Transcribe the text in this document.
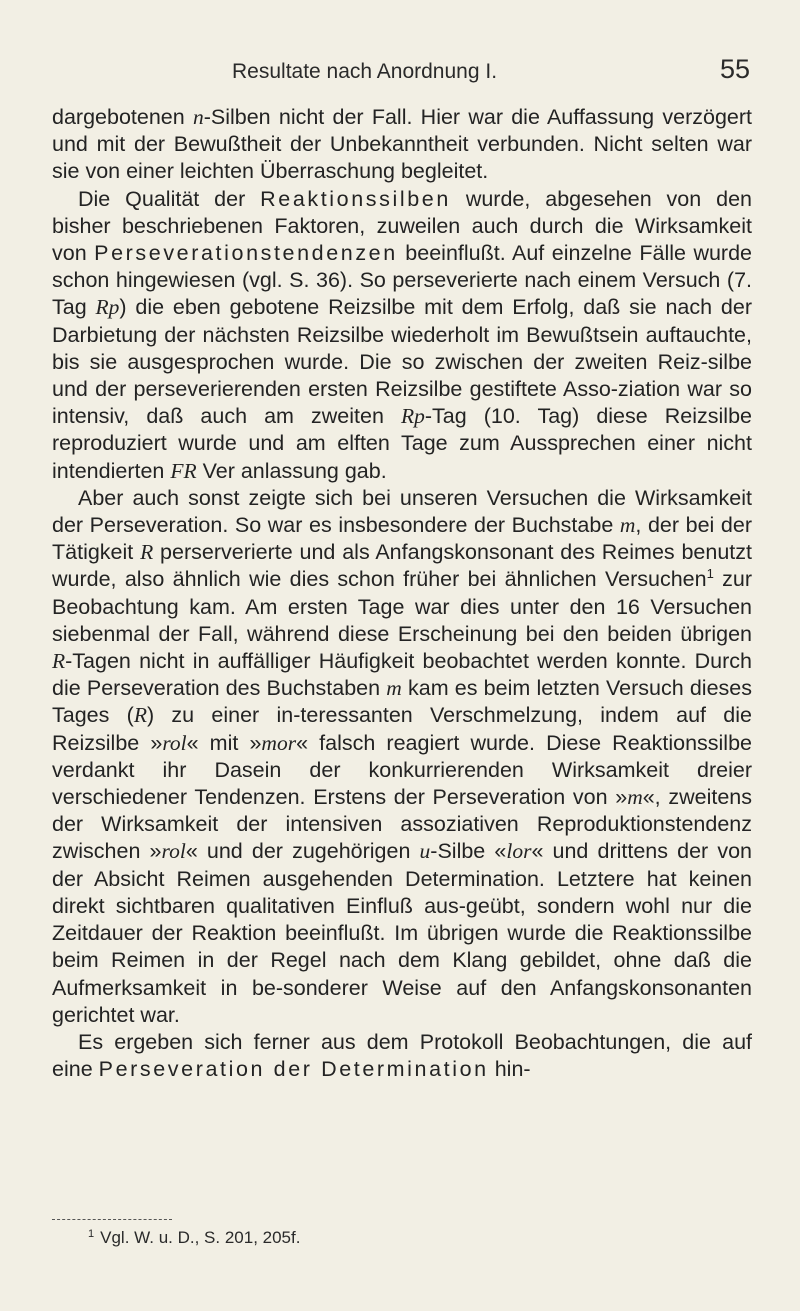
Resultate nach Anordnung I.	55

dargebotenen n-Silben nicht der Fall. Hier war die Auffassung verzögert und mit der Bewußtheit der Unbekanntheit verbunden. Nicht selten war sie von einer leichten Überraschung begleitet.

Die Qualität der Reaktionssilben wurde, abgesehen von den bisher beschriebenen Faktoren, zuweilen auch durch die Wirksamkeit von Perseverationstendenzen beeinflußt. Auf einzelne Fälle wurde schon hingewiesen (vgl. S. 36). So perseverierte nach einem Versuch (7. Tag Rp) die eben gebotene Reizsilbe mit dem Erfolg, daß sie nach der Darbietung der nächsten Reizsilbe wiederholt im Bewußtsein auftauchte, bis sie ausgesprochen wurde. Die so zwischen der zweiten Reiz-silbe und der perseverierenden ersten Reizsilbe gestiftete Asso-ziation war so intensiv, daß auch am zweiten Rp-Tag (10. Tag) diese Reizsilbe reproduziert wurde und am elften Tage zum Aussprechen einer nicht intendierten FR Ver anlassung gab.

Aber auch sonst zeigte sich bei unseren Versuchen die Wirksamkeit der Perseveration. So war es insbesondere der Buchstabe m, der bei der Tätigkeit R perserverierte und als Anfangskonsonant des Reimes benutzt wurde, also ähnlich wie dies schon früher bei ähnlichen Versuchen$^1$ zur Beobachtung kam. Am ersten Tage war dies unter den 16 Versuchen siebenmal der Fall, während diese Erscheinung bei den beiden übrigen R-Tagen nicht in auffälliger Häufigkeit beobachtet werden konnte. Durch die Perseveration des Buchstaben m kam es beim letzten Versuch dieses Tages (R) zu einer in-teressanten Verschmelzung, indem auf die Reizsilbe »rol« mit »mor« falsch reagiert wurde. Diese Reaktionssilbe verdankt ihr Dasein der konkurrierenden Wirksamkeit dreier verschiedener Tendenzen. Erstens der Perseveration von »m«, zweitens der Wirksamkeit der intensiven assoziativen Reproduktionstendenz zwischen »rol« und der zugehörigen u-Silbe «lor« und drittens der von der Absicht Reimen ausgehenden Determination. Letztere hat keinen direkt sichtbaren qualitativen Einfluß aus-geübt, sondern wohl nur die Zeitdauer der Reaktion beeinflußt. Im übrigen wurde die Reaktionssilbe beim Reimen in der Regel nach dem Klang gebildet, ohne daß die Aufmerksamkeit in be-sonderer Weise auf den Anfangskonsonanten gerichtet war.

Es ergeben sich ferner aus dem Protokoll Beobachtungen, die auf eine Perseveration der Determination hin-

$^1$ Vgl. W. u. D., S. 201, 205f.
